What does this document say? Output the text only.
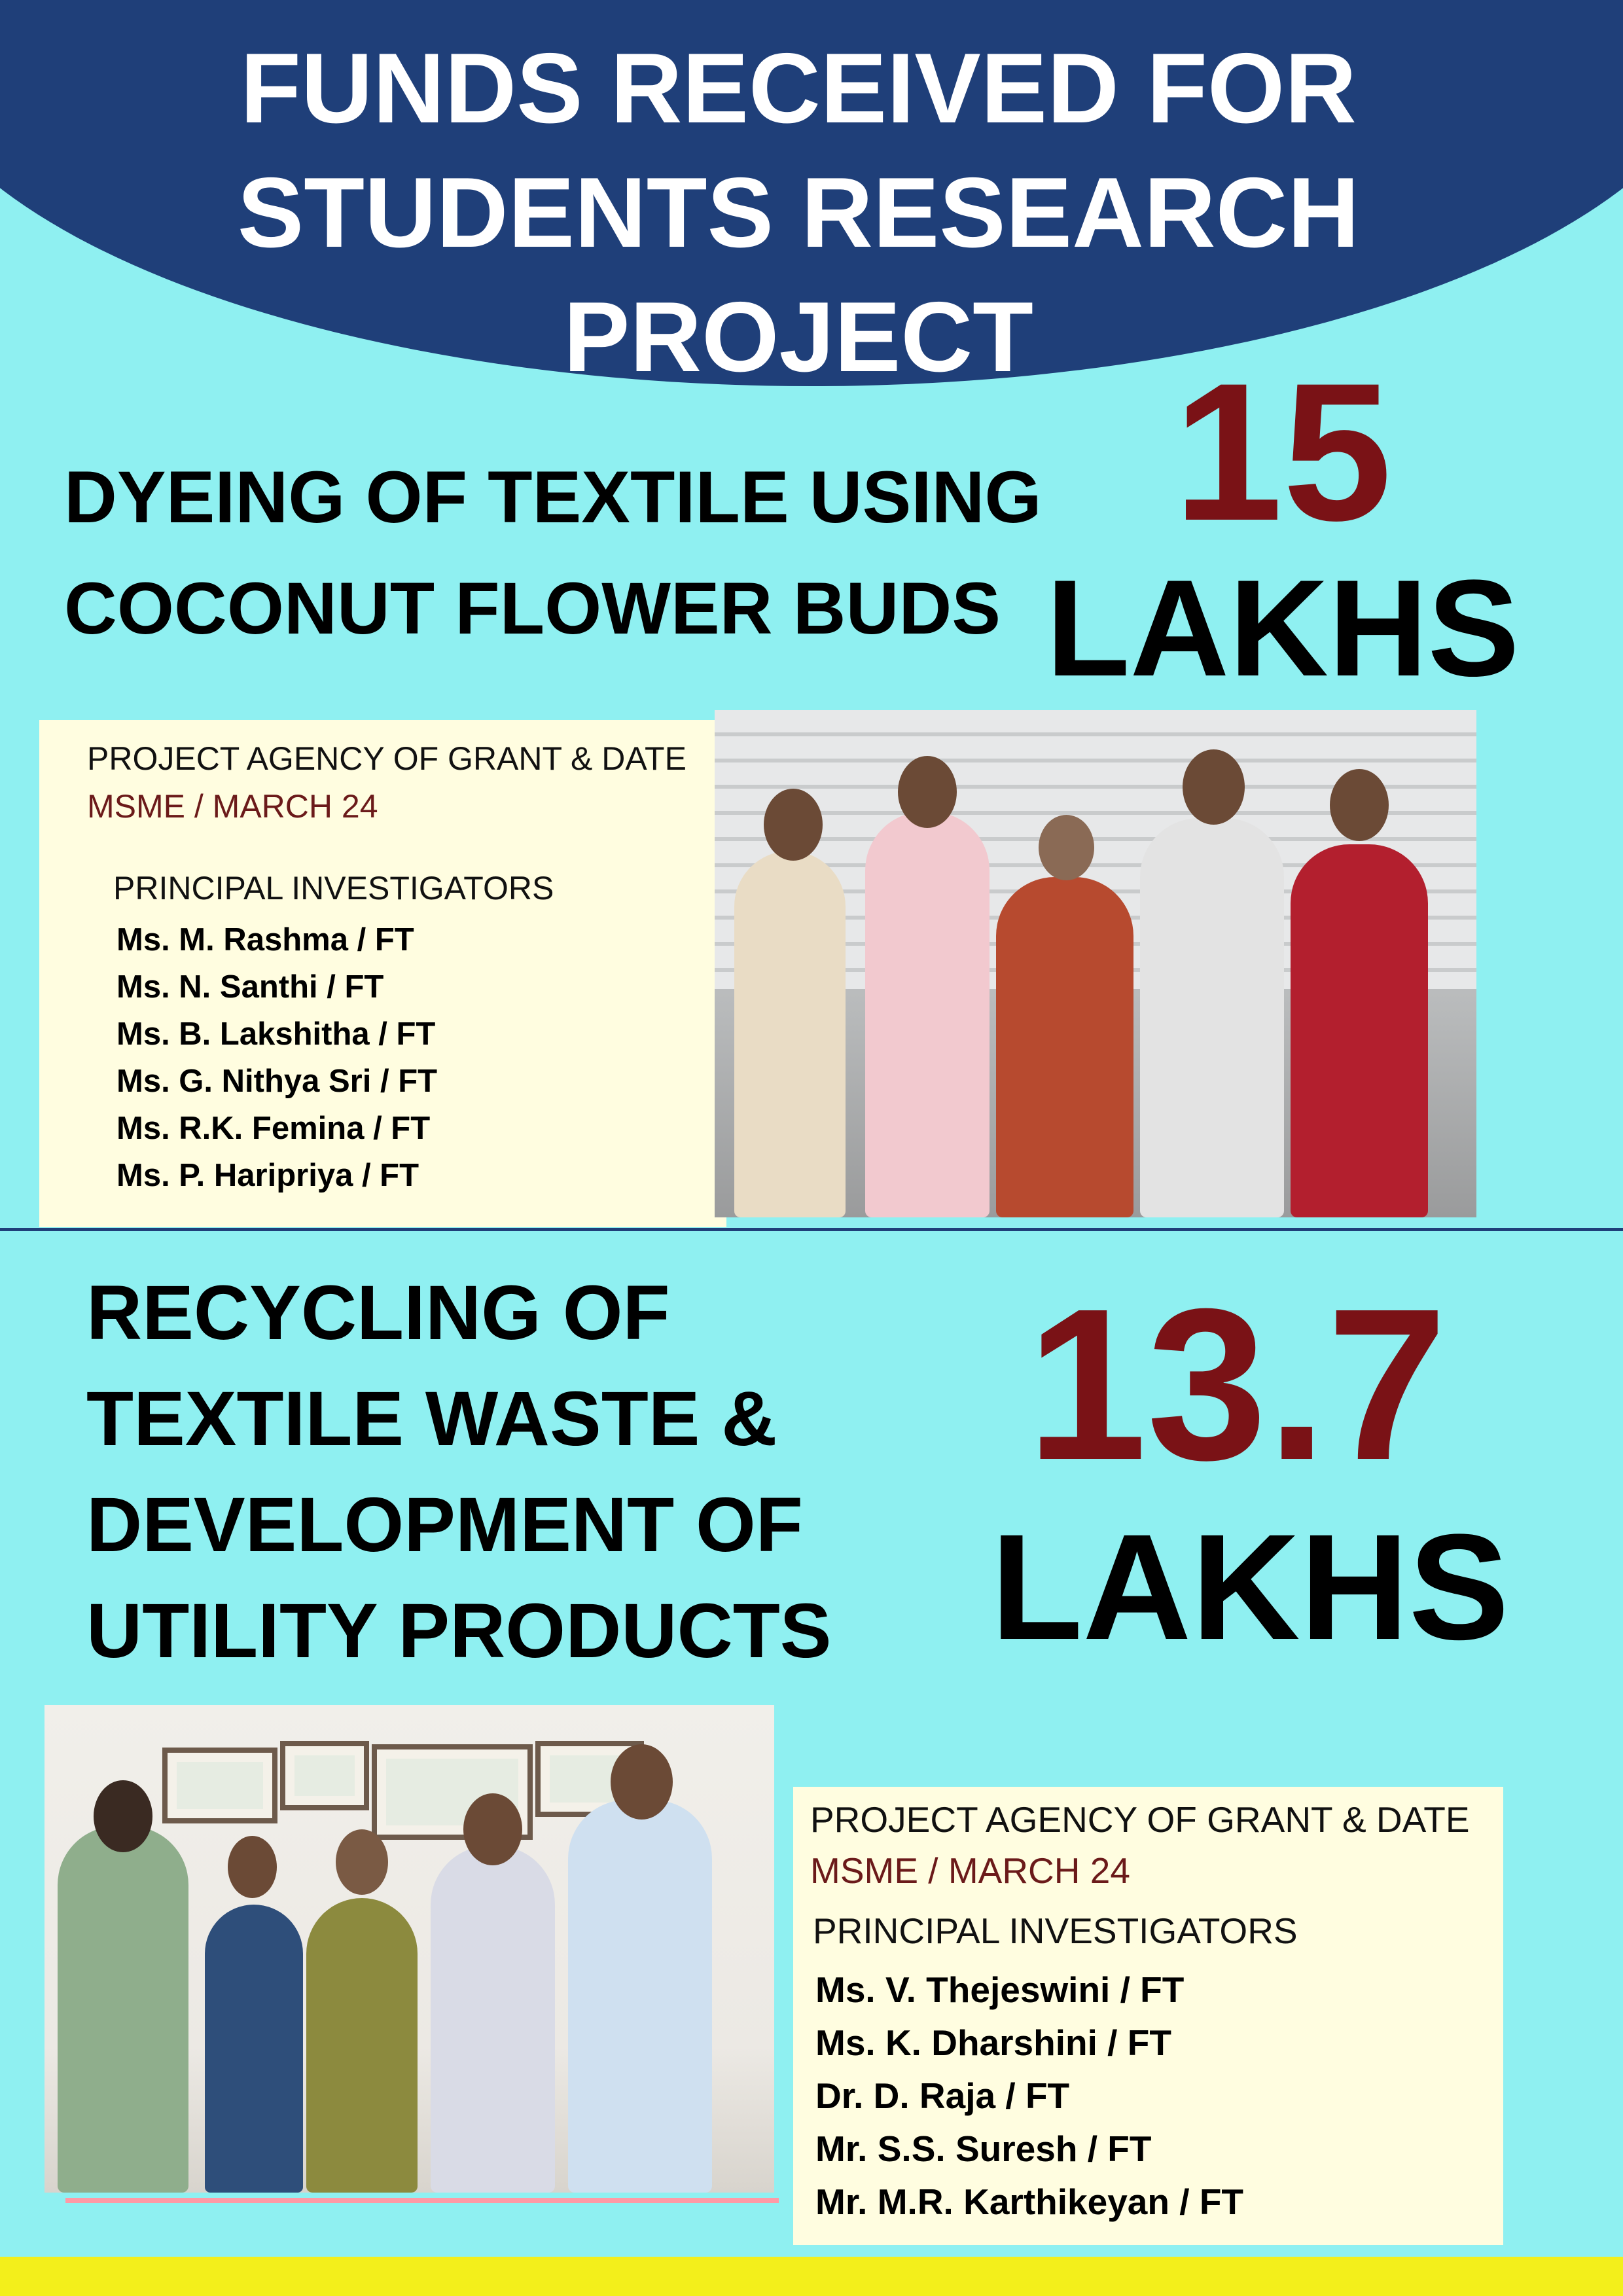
FUNDS RECEIVED FOR
STUDENTS RESEARCH
PROJECT
DYEING OF TEXTILE USING
COCONUT FLOWER BUDS
15
LAKHS
PROJECT AGENCY OF GRANT & DATE
MSME / MARCH 24
PRINCIPAL INVESTIGATORS
Ms. M. Rashma / FT
Ms. N. Santhi / FT
Ms. B. Lakshitha / FT
Ms. G. Nithya Sri / FT
Ms. R.K. Femina / FT
Ms. P. Haripriya / FT
RECYCLING OF
TEXTILE WASTE &
DEVELOPMENT OF
UTILITY PRODUCTS
13.7
LAKHS
PROJECT AGENCY OF GRANT & DATE
MSME / MARCH 24
PRINCIPAL INVESTIGATORS
Ms. V. Thejeswini / FT
Ms. K. Dharshini / FT
Dr. D. Raja / FT
Mr. S.S. Suresh / FT
Mr. M.R. Karthikeyan / FT
